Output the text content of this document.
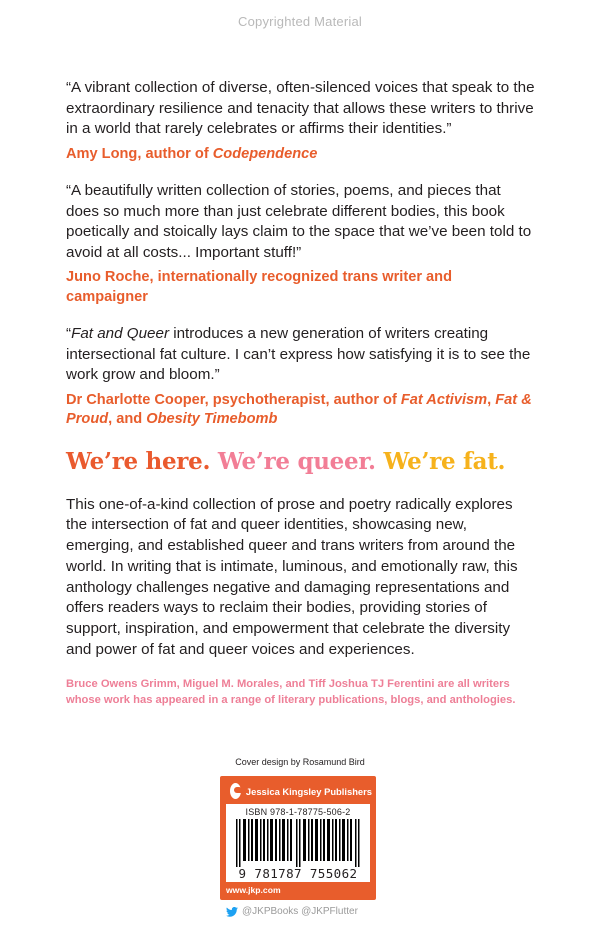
Copyrighted Material

“A vibrant collection of diverse, often-silenced voices that speak to the extraordinary resilience and tenacity that allows these writers to thrive in a world that rarely celebrates or affirms their identities.”

Amy Long, author of Codependence

“A beautifully written collection of stories, poems, and pieces that does so much more than just celebrate different bodies, this book poetically and stoically lays claim to the space that we’ve been told to avoid at all costs... Important stuff!”

Juno Roche, internationally recognized trans writer and campaigner

“Fat and Queer introduces a new generation of writers creating intersectional fat culture. I can’t express how satisfying it is to see the work grow and bloom.”

Dr Charlotte Cooper, psychotherapist, author of Fat Activism, Fat & Proud, and Obesity Timebomb

We’re here. We’re queer. We’re fat.

This one-of-a-kind collection of prose and poetry radically explores the intersection of fat and queer identities, showcasing new, emerging, and established queer and trans writers from around the world. In writing that is intimate, luminous, and emotionally raw, this anthology challenges negative and damaging representations and offers readers ways to reclaim their bodies, providing stories of support, inspiration, and empowerment that celebrate the diversity and power of fat and queer voices and experiences.

Bruce Owens Grimm, Miguel M. Morales, and Tiff Joshua TJ Ferentini are all writers whose work has appeared in a range of literary publications, blogs, and anthologies.

Cover design by Rosamund Bird
Jessica Kingsley Publishers
ISBN 978-1-78775-506-2
9 781787 755062
www.jkp.com
@JKPBooks @JKPFlutter
